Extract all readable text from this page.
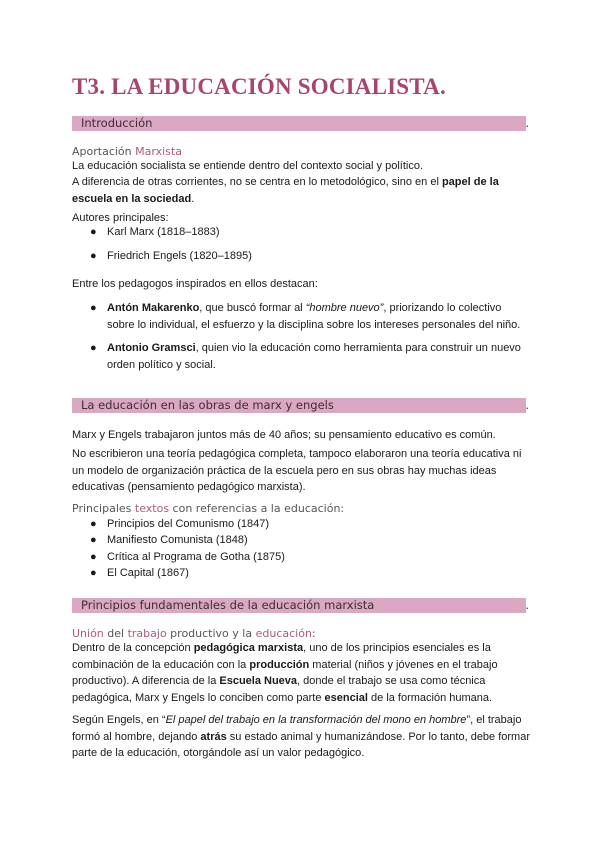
T3. LA EDUCACIÓN SOCIALISTA.
Introducción	.
Aportación Marxista
La educación socialista se entiende dentro del contexto social y político.
A diferencia de otras corrientes, no se centra en lo metodológico, sino en el papel de la escuela en la sociedad.
Autores principales:
● Karl Marx (1818–1883)
● Friedrich Engels (1820–1895)
Entre los pedagogos inspirados en ellos destacan:
● Antón Makarenko, que buscó formar al “hombre nuevo”, priorizando lo colectivo sobre lo individual, el esfuerzo y la disciplina sobre los intereses personales del niño.
● Antonio Gramsci, quien vio la educación como herramienta para construir un nuevo orden político y social.
La educación en las obras de marx y engels	.
Marx y Engels trabajaron juntos más de 40 años; su pensamiento educativo es común.
No escribieron una teoría pedagógica completa, tampoco elaboraron una teoría educativa ni un modelo de organización práctica de la escuela pero en sus obras hay muchas ideas educativas (pensamiento pedagógico marxista).
Principales textos con referencias a la educación:
● Principios del Comunismo (1847)
● Manifiesto Comunista (1848)
● Crítica al Programa de Gotha (1875)
● El Capital (1867)
Principios fundamentales de la educación marxista	.
Unión del trabajo productivo y la educación:
Dentro de la concepción pedagógica marxista, uno de los principios esenciales es la combinación de la educación con la producción material (niños y jóvenes en el trabajo productivo). A diferencia de la Escuela Nueva, donde el trabajo se usa como técnica pedagógica, Marx y Engels lo conciben como parte esencial de la formación humana.
Según Engels, en “El papel del trabajo en la transformación del mono en hombre”, el trabajo formó al hombre, dejando atrás su estado animal y humanizándose. Por lo tanto, debe formar parte de la educación, otorgándole así un valor pedagógico.
